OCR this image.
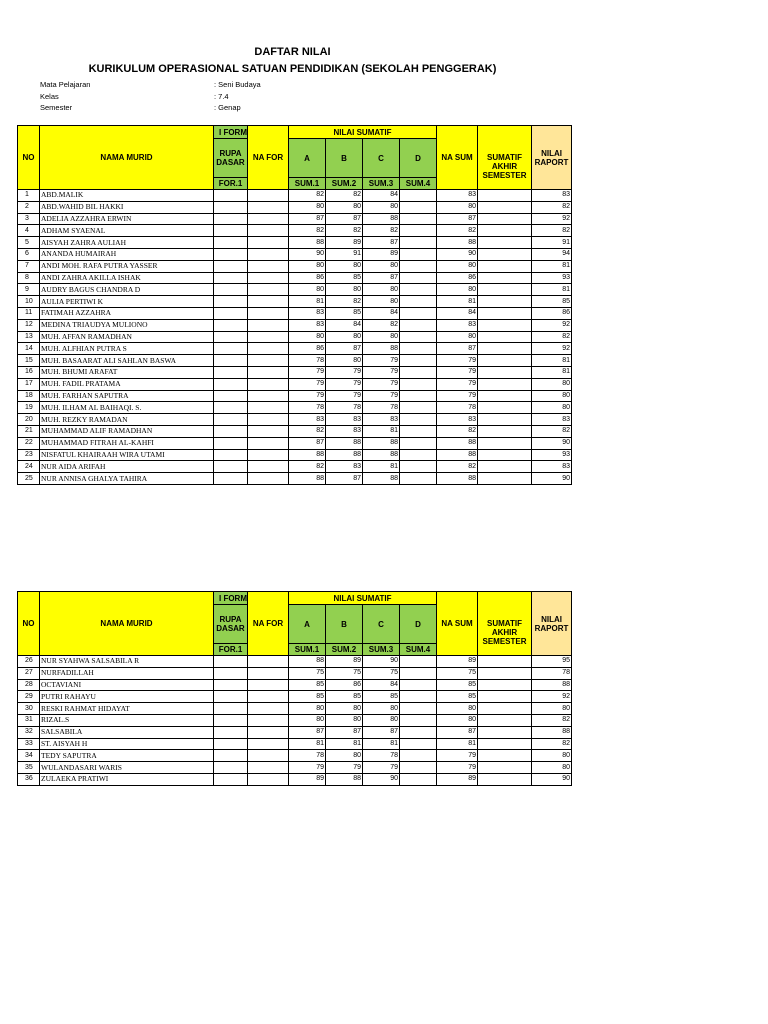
DAFTAR NILAI
KURIKULUM OPERASIONAL SATUAN PENDIDIKAN (SEKOLAH PENGGERAK)
Mata Pelajaran	: Seni Budaya
Kelas	: 7.4
Semester	: Genap
NO	NAMA MURID	I FORM	NA FOR	NILAI SUMATIF				NA SUM	SUMATIF AKHIR SEMESTER	NILAI RAPORT
		RUPA DASAR		A	B	C	D			
		FOR.1		SUM.1	SUM.2	SUM.3	SUM.4			
1	ABD.MALIK			82	82	84		83		83
2	ABD.WAHID BIL HAKKI			80	80	80		80		82
3	ADELIA AZZAHRA ERWIN			87	87	88		87		92
4	ADHAM SYAENAL			82	82	82		82		82
5	AISYAH ZAHRA AULIAH			88	89	87		88		91
6	ANANDA HUMAIRAH			90	91	89		90		94
7	ANDI MOH. RAFA PUTRA YASSER			80	80	80		80		81
8	ANDI ZAHRA AKILLA ISHAK			86	85	87		86		93
9	AUDRY BAGUS CHANDRA D			80	80	80		80		81
10	AULIA PERTIWI K			81	82	80		81		85
11	FATIMAH AZZAHRA			83	85	84		84		86
12	MEDINA TRIAUDYA MULIONO			83	84	82		83		92
13	MUH. AFFAN RAMADHAN			80	80	80		80		82
14	MUH. ALFHIAN PUTRA S			86	87	88		87		92
15	MUH. BASAARAT ALI SAHLAN BASWA			78	80	79		79		81
16	MUH. BHUMI ARAFAT			79	79	79		79		81
17	MUH. FADIL PRATAMA			79	79	79		79		80
18	MUH. FARHAN SAPUTRA			79	79	79		79		80
19	MUH. ILHAM AL BAIHAQI. S.			78	78	78		78		80
20	MUH. REZKY RAMADAN			83	83	83		83		83
21	MUHAMMAD ALIF RAMADHAN			82	83	81		82		82
22	MUHAMMAD FITRAH AL-KAHFI			87	88	88		88		90
23	NISFATUL KHAIRAAH WIRA UTAMI			88	88	88		88		93
24	NUR AIDA ARIFAH			82	83	81		82		83
25	NUR ANNISA GHALYA TAHIRA			88	87	88		88		90
NO	NAMA MURID	I FORM	NA FOR	NILAI SUMATIF				NA SUM	SUMATIF AKHIR SEMESTER	NILAI RAPORT
		RUPA DASAR		A	B	C	D			
		FOR.1		SUM.1	SUM.2	SUM.3	SUM.4			
26	NUR SYAHWA SALSABILA R			88	89	90		89		95
27	NURFADILLAH			75	75	75		75		78
28	OCTAVIANI			85	86	84		85		88
29	PUTRI RAHAYU			85	85	85		85		92
30	RESKI RAHMAT HIDAYAT			80	80	80		80		80
31	RIZAL.S			80	80	80		80		82
32	SALSABILA			87	87	87		87		88
33	ST. AISYAH H			81	81	81		81		82
34	TEDY SAPUTRA			78	80	78		79		80
35	WULANDASARI WARIS			79	79	79		79		80
36	ZULAEKA PRATIWI			89	88	90		89		90
